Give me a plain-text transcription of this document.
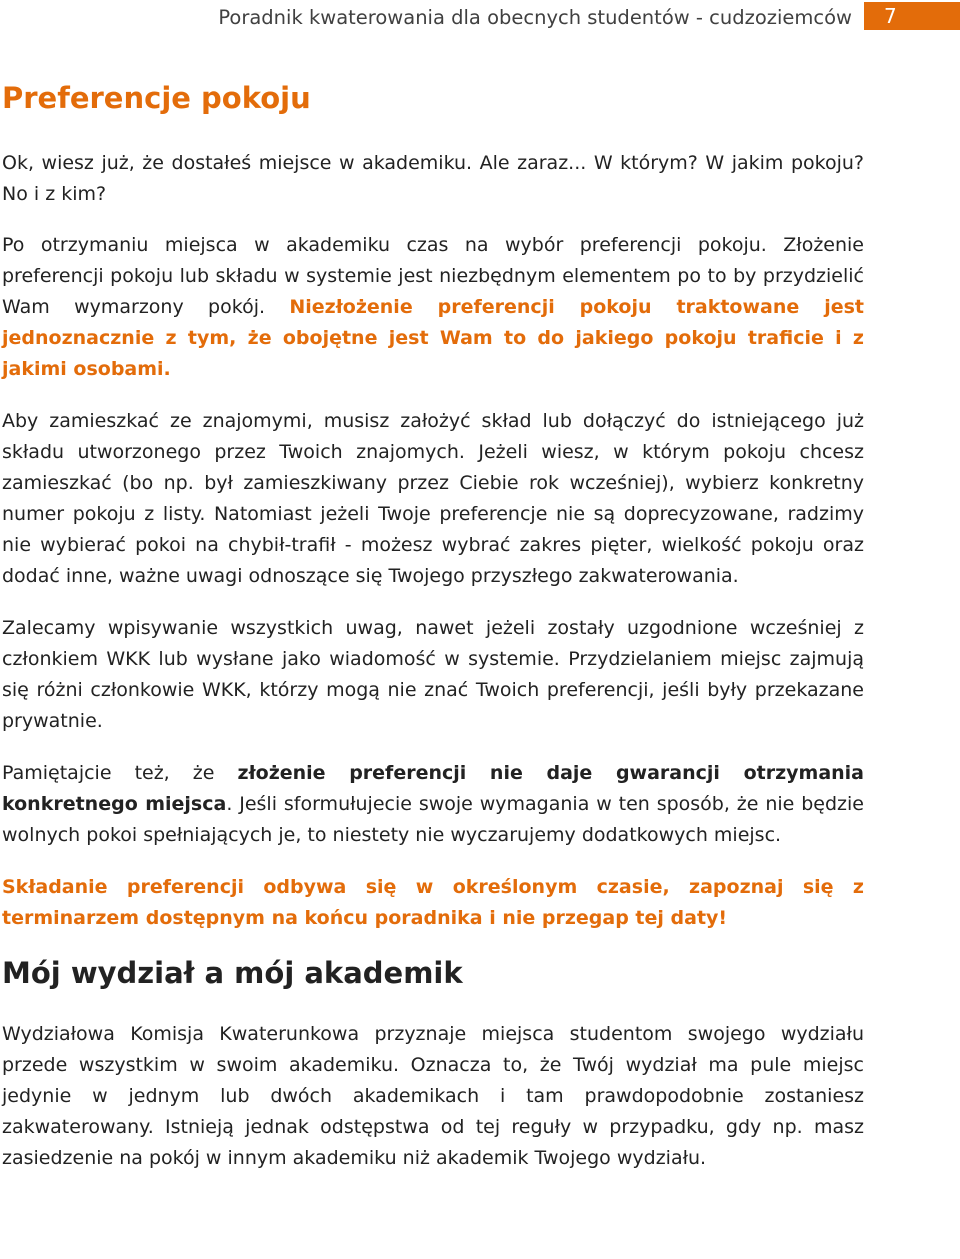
Poradnik kwaterowania dla obecnych studentów - cudzoziemców	7
Preferencje pokoju

Ok, wiesz już, że dostałeś miejsce w akademiku. Ale zaraz... W którym? W jakim pokoju? No i z kim?

Po otrzymaniu miejsca w akademiku czas na wybór preferencji pokoju. Złożenie preferencji pokoju lub składu w systemie jest niezbędnym elementem po to by przydzielić Wam wymarzony pokój. Niezłożenie preferencji pokoju traktowane jest jednoznacznie z tym, że obojętne jest Wam to do jakiego pokoju traficie i z jakimi osobami.

Aby zamieszkać ze znajomymi, musisz założyć skład lub dołączyć do istniejącego już składu utworzonego przez Twoich znajomych. Jeżeli wiesz, w którym pokoju chcesz zamieszkać (bo np. był zamieszkiwany przez Ciebie rok wcześniej), wybierz konkretny numer pokoju z listy. Natomiast jeżeli Twoje preferencje nie są doprecyzowane, radzimy nie wybierać pokoi na chybił-trafił - możesz wybrać zakres pięter, wielkość pokoju oraz dodać inne, ważne uwagi odnoszące się Twojego przyszłego zakwaterowania.

Zalecamy wpisywanie wszystkich uwag, nawet jeżeli zostały uzgodnione wcześniej z członkiem WKK lub wysłane jako wiadomość w systemie. Przydzielaniem miejsc zajmują się różni członkowie WKK, którzy mogą nie znać Twoich preferencji, jeśli były przekazane prywatnie.

Pamiętajcie też, że złożenie preferencji nie daje gwarancji otrzymania konkretnego miejsca. Jeśli sformułujecie swoje wymagania w ten sposób, że nie będzie wolnych pokoi spełniających je, to niestety nie wyczarujemy dodatkowych miejsc.

Składanie preferencji odbywa się w określonym czasie, zapoznaj się z terminarzem dostępnym na końcu poradnika i nie przegap tej daty!

Mój wydział a mój akademik

Wydziałowa Komisja Kwaterunkowa przyznaje miejsca studentom swojego wydziału przede wszystkim w swoim akademiku. Oznacza to, że Twój wydział ma pule miejsc jedynie w jednym lub dwóch akademikach i tam prawdopodobnie zostaniesz zakwaterowany. Istnieją jednak odstępstwa od tej reguły w przypadku, gdy np. masz zasiedzenie na pokój w innym akademiku niż akademik Twojego wydziału.
